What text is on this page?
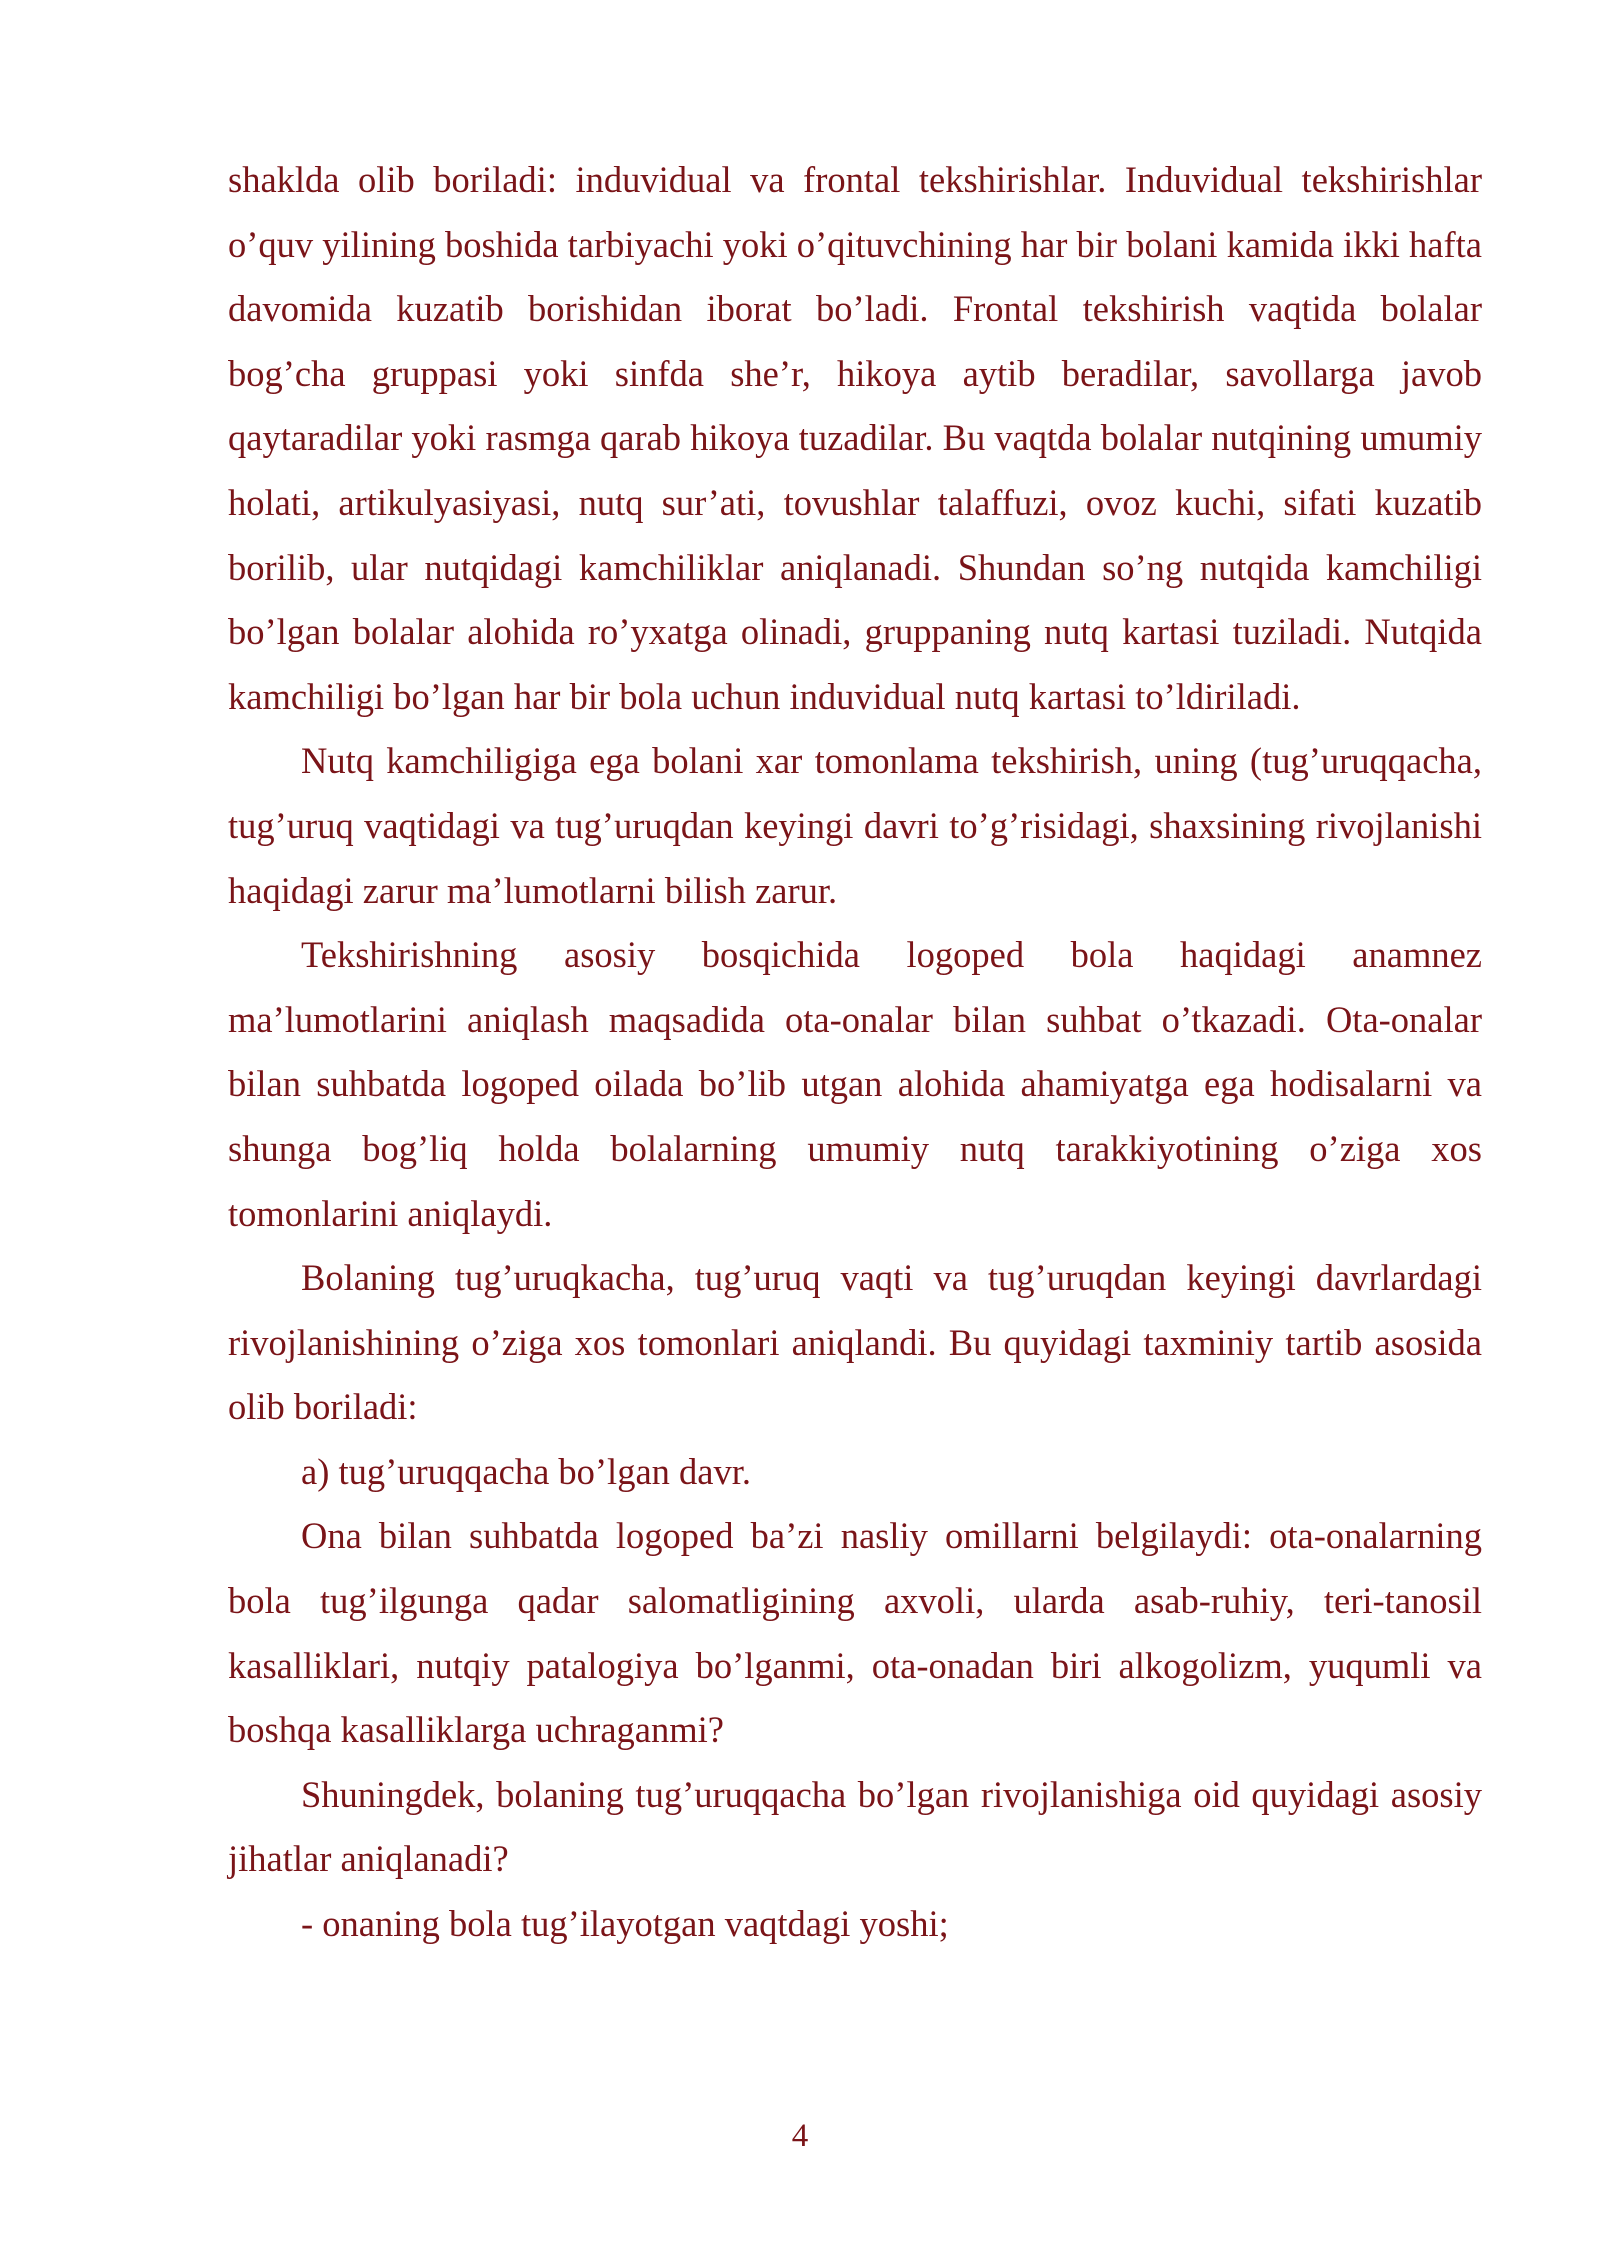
shaklda olib boriladi: induvidual va frontal tekshirishlar. Induvidual tekshirishlar o’quv yilining boshida tarbiyachi yoki o’qituvchining har bir bolani kamida ikki hafta davomida kuzatib borishidan iborat bo’ladi. Frontal tekshirish vaqtida bolalar bog’cha gruppasi yoki sinfda she’r, hikoya aytib beradilar, savollarga javob qaytaradilar yoki rasmga qarab hikoya tuzadilar. Bu vaqtda bolalar nutqining umumiy holati, artikulyasiyasi, nutq sur’ati, tovushlar talaffuzi, ovoz kuchi, sifati kuzatib borilib, ular nutqidagi kamchiliklar aniqlanadi. Shundan so’ng nutqida kamchiligi bo’lgan bolalar alohida ro’yxatga olinadi, gruppaning nutq kartasi tuziladi. Nutqida kamchiligi bo’lgan har bir bola uchun induvidual nutq kartasi to’ldiriladi.

Nutq kamchiligiga ega bolani xar tomonlama tekshirish, uning (tug’uruqqacha, tug’uruq vaqtidagi va tug’uruqdan keyingi davri to’g’risidagi, shaxsining rivojlanishi haqidagi zarur ma’lumotlarni bilish zarur.

Tekshirishning asosiy bosqichida logoped bola haqidagi anamnez ma’lumotlarini aniqlash maqsadida ota-onalar bilan suhbat o’tkazadi. Ota-onalar bilan suhbatda logoped oilada bo’lib utgan alohida ahamiyatga ega hodisalarni va shunga bog’liq holda bolalarning umumiy nutq tarakkiyotining o’ziga xos tomonlarini aniqlaydi.

Bolaning tug’uruqkacha, tug’uruq vaqti va tug’uruqdan keyingi davrlardagi rivojlanishining o’ziga xos tomonlari aniqlandi. Bu quyidagi taxminiy tartib asosida olib boriladi:

a) tug’uruqqacha bo’lgan davr.

Ona bilan suhbatda logoped ba’zi nasliy omillarni belgilaydi: ota-onalarning bola tug’ilgunga qadar salomatligining axvoli, ularda asab-ruhiy, teri-tanosil kasalliklari, nutqiy patalogiya bo’lganmi, ota-onadan biri alkogolizm, yuqumli va boshqa kasalliklarga uchraganmi?

Shuningdek, bolaning tug’uruqqacha bo’lgan rivojlanishiga oid quyidagi asosiy jihatlar aniqlanadi?

- onaning bola tug’ilayotgan vaqtdagi yoshi;

4
